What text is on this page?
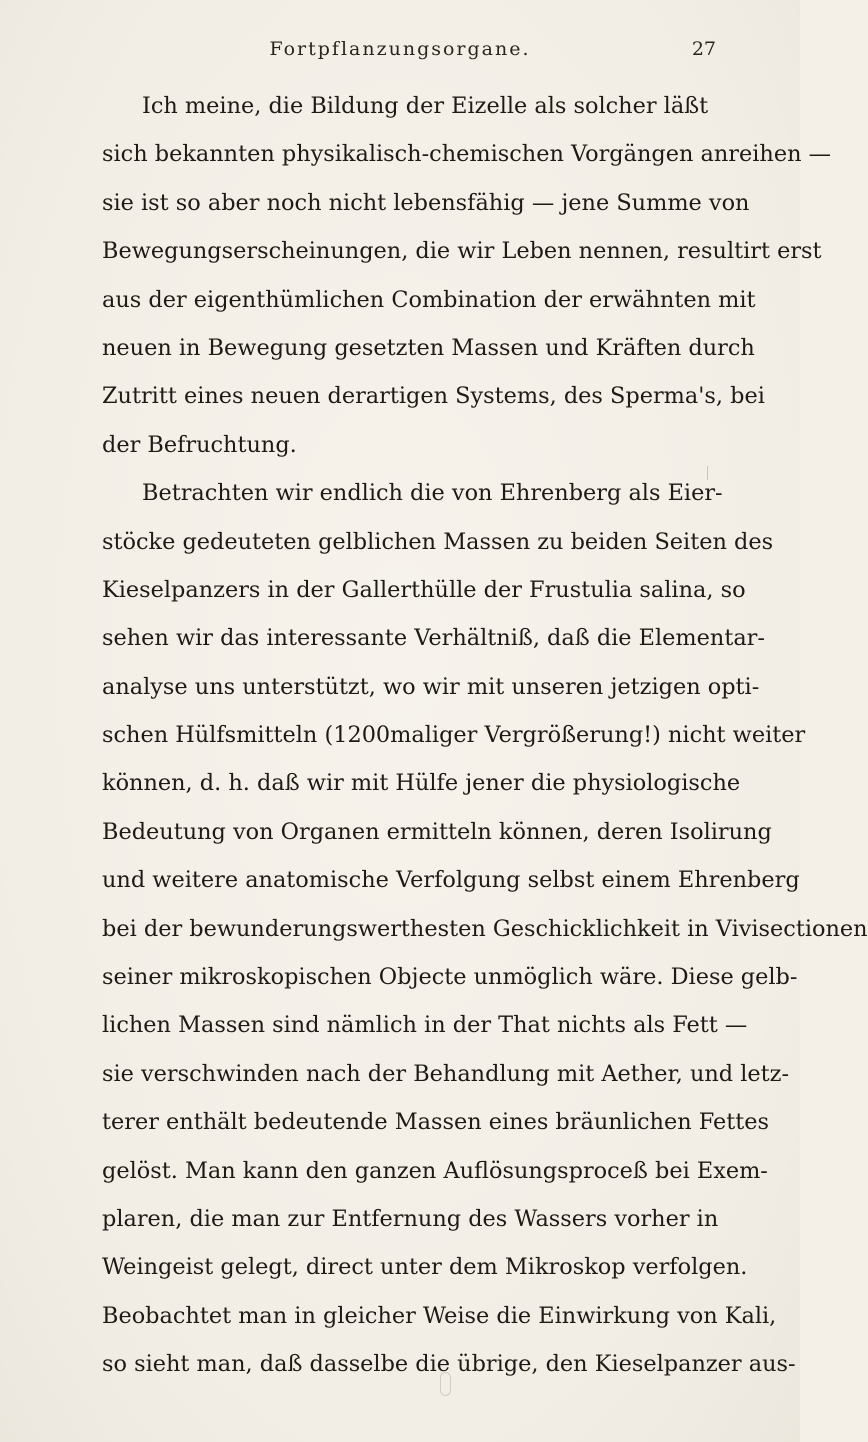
Fortpflanzungsorgane.	27
Ich meine, die Bildung der Eizelle als solcher läßt
sich bekannten physikalisch-chemischen Vorgängen anreihen —
sie ist so aber noch nicht lebensfähig — jene Summe von
Bewegungserscheinungen, die wir Leben nennen, resultirt erst
aus der eigenthümlichen Combination der erwähnten mit
neuen in Bewegung gesetzten Massen und Kräften durch
Zutritt eines neuen derartigen Systems, des Sperma's, bei
der Befruchtung.
Betrachten wir endlich die von Ehrenberg als Eier-
stöcke gedeuteten gelblichen Massen zu beiden Seiten des
Kieselpanzers in der Gallerthülle der Frustulia salina, so
sehen wir das interessante Verhältniß, daß die Elementar-
analyse uns unterstützt, wo wir mit unseren jetzigen opti-
schen Hülfsmitteln (1200maliger Vergrößerung!) nicht weiter
können, d. h. daß wir mit Hülfe jener die physiologische
Bedeutung von Organen ermitteln können, deren Isolirung
und weitere anatomische Verfolgung selbst einem Ehrenberg
bei der bewunderungswerthesten Geschicklichkeit in Vivisectionen
seiner mikroskopischen Objecte unmöglich wäre. Diese gelb-
lichen Massen sind nämlich in der That nichts als Fett —
sie verschwinden nach der Behandlung mit Aether, und letz-
terer enthält bedeutende Massen eines bräunlichen Fettes
gelöst. Man kann den ganzen Auflösungsproceß bei Exem-
plaren, die man zur Entfernung des Wassers vorher in
Weingeist gelegt, direct unter dem Mikroskop verfolgen.
Beobachtet man in gleicher Weise die Einwirkung von Kali,
so sieht man, daß dasselbe die übrige, den Kieselpanzer aus-
